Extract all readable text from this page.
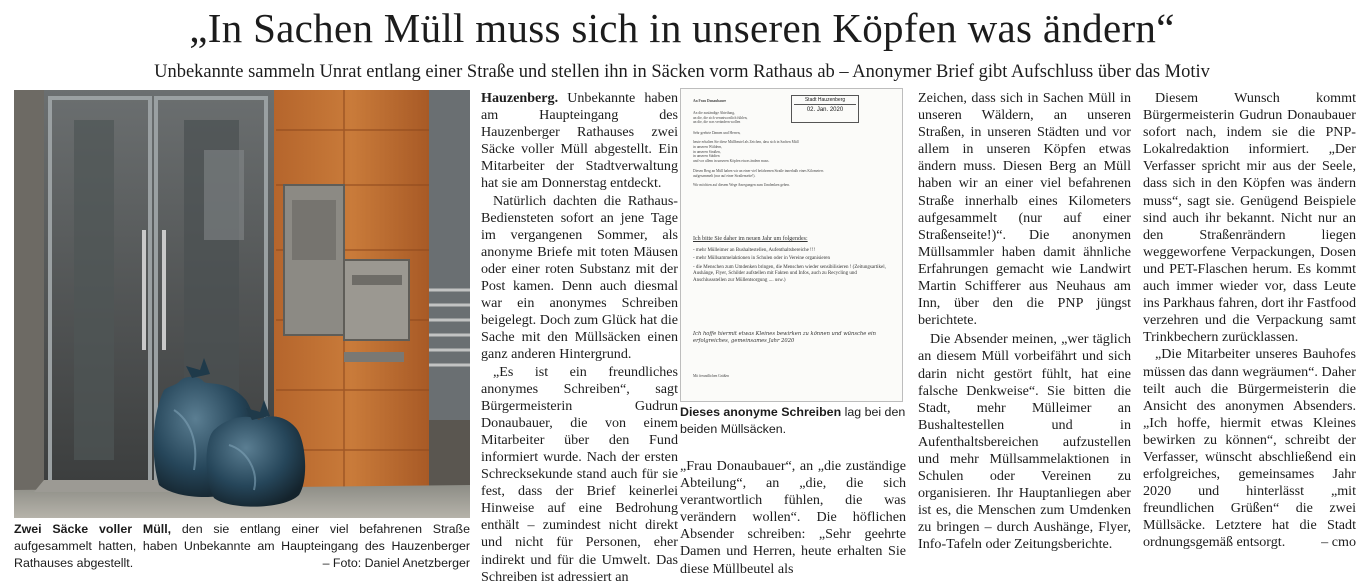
„In Sachen Müll muss sich in unseren Köpfen was ändern“
Unbekannte sammeln Unrat entlang einer Straße und stellen ihn in Säcken vorm Rathaus ab – Anonymer Brief gibt Aufschluss über das Motiv
Zwei Säcke voller Müll, den sie entlang einer viel befahrenen Straße aufgesammelt hatten, haben Unbekannte am Haupteingang des Hauzenberger Rathauses abgestellt.	– Foto: Daniel Anetzberger

Hauzenberg. Unbekannte haben am Haupteingang des Hauzenberger Rathauses zwei Säcke voller Müll abgestellt. Ein Mitarbeiter der Stadtverwaltung hat sie am Donnerstag entdeckt.

Natürlich dachten die Rathaus-Bediensteten sofort an jene Tage im vergangenen Sommer, als anonyme Briefe mit toten Mäusen oder einer roten Substanz mit der Post kamen. Denn auch diesmal war ein anonymes Schreiben beigelegt. Doch zum Glück hat die Sache mit den Müllsäcken einen ganz anderen Hintergrund.

„Es ist ein freundliches anonymes Schreiben“, sagt Bürgermeisterin Gudrun Donaubauer, die von einem Mitarbeiter über den Fund informiert wurde. Nach der ersten Schrecksekunde stand auch für sie fest, dass der Brief keinerlei Hinweise auf eine Bedrohung enthält – zumindest nicht direkt und nicht für Personen, eher indirekt und für die Umwelt. Das Schreiben ist adressiert an

An Frau Donaubauer	Stadt Hauzenberg
02. Jan. 2020
An die zuständige Abteilung,
an die, die sich verantwortlich fühlen,
an die, die was verändern wollen
Sehr geehrte Damen und Herren,
heute erhalten Sie diese Müllbeutel als Zeichen, dass sich in Sachen Müll
in unseren Wäldern,
in unseren Straßen,
in unseren Städten
und vor allem in unseren Köpfen etwas ändern muss.
Diesen Berg an Müll haben wir an einer viel befahrenen Straße innerhalb eines Kilometers
aufgesammelt (nur auf einer Straßenseite!).
Wir möchten auf diesem Wege Anregungen zum Umdenken geben.
Ich bitte Sie daher im neuen Jahr um folgendes:
- mehr Mülleimer an Bushaltestellen, Aufenthaltsbereiche !!!
- mehr Müllsammelaktionen in Schulen oder in Vereine organisieren
- die Menschen zum Umdenken bringen, die Menschen wieder sensibilisieren ! (Zeitungsartikel, Aushänge, Flyer, Schilder aufstellen mit Fakten und Infos, auch zu Recycling und Anschlussstellen zur Müllentsorgung .... usw.)
Ich hoffe hiermit etwas Kleines bewirken zu können und wünsche ein erfolgreiches, gemeinsames Jahr 2020
Mit freundlichen Grüßen
Dieses anonyme Schreiben lag bei den beiden Müllsäcken.

„Frau Donaubauer“, an „die zuständige Abteilung“, an „die, die sich verantwortlich fühlen, die was verändern wollen“. Die höflichen Absender schreiben: „Sehr geehrte Damen und Herren, heute erhalten Sie diese Müllbeutel als

Zeichen, dass sich in Sachen Müll in unseren Wäldern, an unseren Straßen, in unseren Städten und vor allem in unseren Köpfen etwas ändern muss. Diesen Berg an Müll haben wir an einer viel befahrenen Straße innerhalb eines Kilometers aufgesammelt (nur auf einer Straßenseite!)“. Die anonymen Müllsammler haben damit ähnliche Erfahrungen gemacht wie Landwirt Martin Schifferer aus Neuhaus am Inn, über den die PNP jüngst berichtete.

Die Absender meinen, „wer täglich an diesem Müll vorbeifährt und sich darin nicht gestört fühlt, hat eine falsche Denkweise“. Sie bitten die Stadt, mehr Mülleimer an Bushaltestellen und in Aufenthaltsbereichen aufzustellen und mehr Müllsammelaktionen in Schulen oder Vereinen zu organisieren. Ihr Hauptanliegen aber ist es, die Menschen zum Umdenken zu bringen – durch Aushänge, Flyer, Info-Tafeln oder Zeitungsberichte.

Diesem Wunsch kommt Bürgermeisterin Gudrun Donaubauer sofort nach, indem sie die PNP-Lokalredaktion informiert. „Der Verfasser spricht mir aus der Seele, dass sich in den Köpfen was ändern muss“, sagt sie. Genügend Beispiele sind auch ihr bekannt. Nicht nur an den Straßenrändern liegen weggeworfene Verpackungen, Dosen und PET-Flaschen herum. Es kommt auch immer wieder vor, dass Leute ins Parkhaus fahren, dort ihr Fastfood verzehren und die Verpackung samt Trinkbechern zurücklassen.

„Die Mitarbeiter unseres Bauhofes müssen das dann wegräumen“. Daher teilt auch die Bürgermeisterin die Ansicht des anonymen Absenders. „Ich hoffe, hiermit etwas Kleines bewirken zu können“, schreibt der Verfasser, wünscht abschließend ein erfolgreiches, gemeinsames Jahr 2020 und hinterlässt „mit freundlichen Grüßen“ die zwei Müllsäcke. Letztere hat die Stadt ordnungsgemäß entsorgt.	– cmo
